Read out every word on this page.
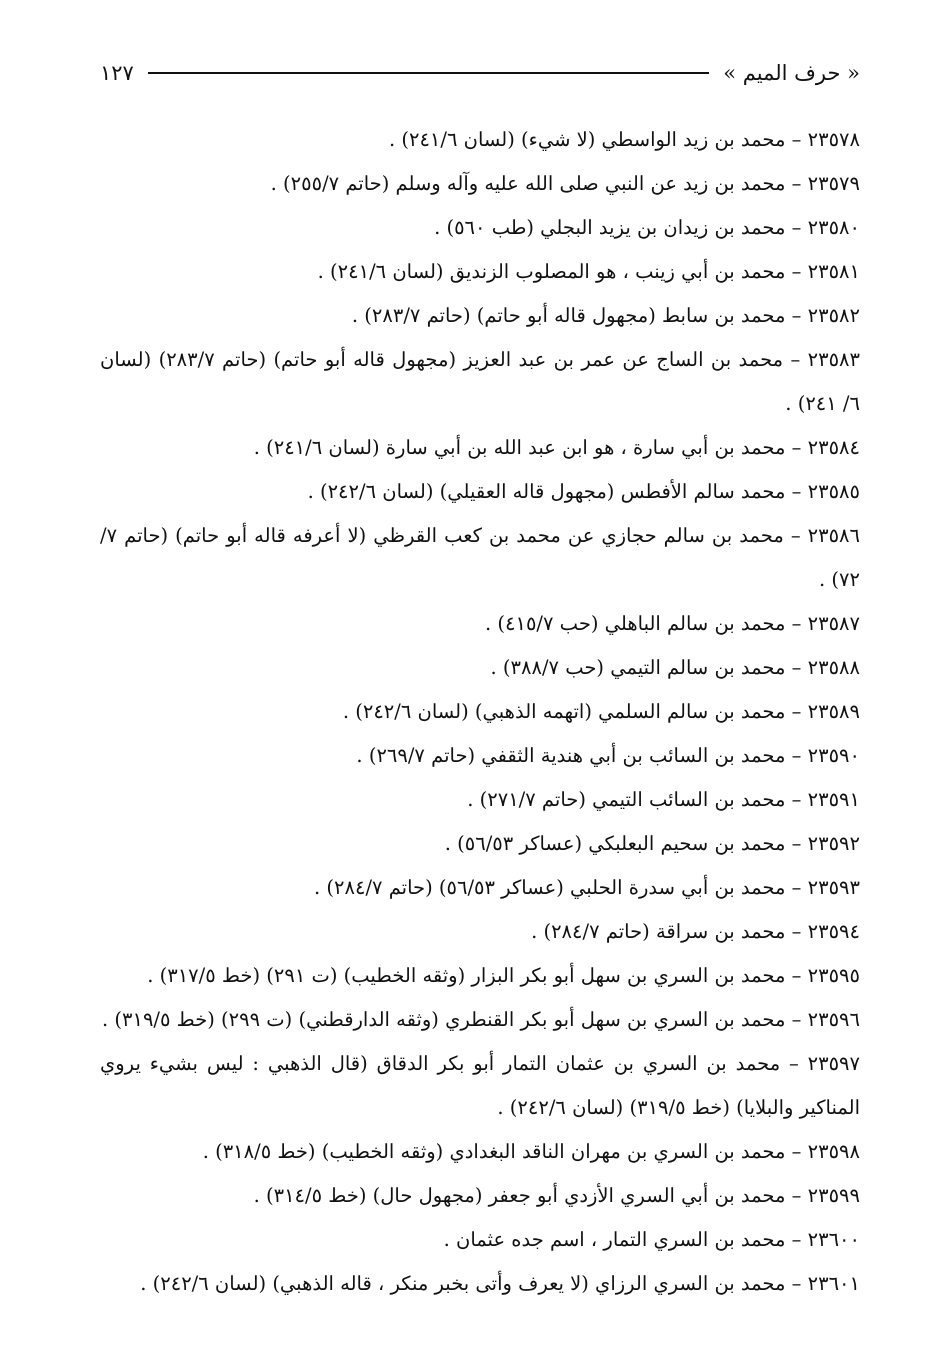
« حرف الميم »
١٢٧
٢٣٥٧٨ – محمد بن زيد الواسطي (لا شيء) (لسان ٢٤١/٦) .
٢٣٥٧٩ – محمد بن زيد عن النبي صلى الله عليه وآله وسلم (حاتم ٢٥٥/٧) .
٢٣٥٨٠ – محمد بن زيدان بن يزيد البجلي (طب ٥٦٠) .
٢٣٥٨١ – محمد بن أبي زينب ، هو المصلوب الزنديق (لسان ٢٤١/٦) .
٢٣٥٨٢ – محمد بن سابط (مجهول قاله أبو حاتم) (حاتم ٢٨٣/٧) .
٢٣٥٨٣ – محمد بن الساج عن عمر بن عبد العزيز (مجهول قاله أبو حاتم) (حاتم ٢٨٣/٧) (لسان ٦/ ٢٤١) .
٢٣٥٨٤ – محمد بن أبي سارة ، هو ابن عبد الله بن أبي سارة (لسان ٢٤١/٦) .
٢٣٥٨٥ – محمد سالم الأفطس (مجهول قاله العقيلي) (لسان ٢٤٢/٦) .
٢٣٥٨٦ – محمد بن سالم حجازي عن محمد بن كعب القرظي (لا أعرفه قاله أبو حاتم) (حاتم ٧/ ٧٢) .
٢٣٥٨٧ – محمد بن سالم الباهلي (حب ٤١٥/٧) .
٢٣٥٨٨ – محمد بن سالم التيمي (حب ٣٨٨/٧) .
٢٣٥٨٩ – محمد بن سالم السلمي (اتهمه الذهبي) (لسان ٢٤٢/٦) .
٢٣٥٩٠ – محمد بن السائب بن أبي هندية الثقفي (حاتم ٢٦٩/٧) .
٢٣٥٩١ – محمد بن السائب التيمي (حاتم ٢٧١/٧) .
٢٣٥٩٢ – محمد بن سحيم البعلبكي (عساكر ٥٦/٥٣) .
٢٣٥٩٣ – محمد بن أبي سدرة الحلبي (عساكر ٥٦/٥٣) (حاتم ٢٨٤/٧) .
٢٣٥٩٤ – محمد بن سراقة (حاتم ٢٨٤/٧) .
٢٣٥٩٥ – محمد بن السري بن سهل أبو بكر البزار (وثقه الخطيب) (ت ٢٩١) (خط ٣١٧/٥) .
٢٣٥٩٦ – محمد بن السري بن سهل أبو بكر القنطري (وثقه الدارقطني) (ت ٢٩٩) (خط ٣١٩/٥) .
٢٣٥٩٧ – محمد بن السري بن عثمان التمار أبو بكر الدقاق (قال الذهبي : ليس بشيء يروي المناكير والبلايا) (خط ٣١٩/٥) (لسان ٢٤٢/٦) .
٢٣٥٩٨ – محمد بن السري بن مهران الناقد البغدادي (وثقه الخطيب) (خط ٣١٨/٥) .
٢٣٥٩٩ – محمد بن أبي السري الأزدي أبو جعفر (مجهول حال) (خط ٣١٤/٥) .
٢٣٦٠٠ – محمد بن السري التمار ، اسم جده عثمان .
٢٣٦٠١ – محمد بن السري الرزاي (لا يعرف وأتى بخبر منكر ، قاله الذهبي) (لسان ٢٤٢/٦) .
